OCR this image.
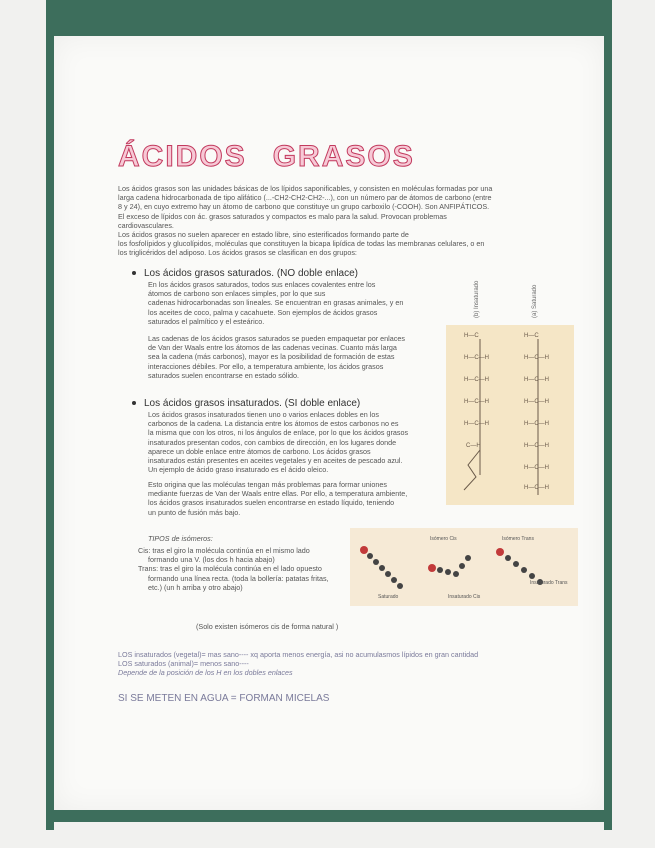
ÁCIDOS GRASOS
Los ácidos grasos son las unidades básicas de los lípidos saponificables, y consisten en moléculas formadas por una
larga cadena hidrocarbonada de tipo alifático (...-CH2-CH2-CH2-...), con un número par de átomos de carbono (entre
8 y 24), en cuyo extremo hay un átomo de carbono que constituye un grupo carboxilo (-COOH). Son ANFIPÁTICOS.
El exceso de lípidos con ác. grasos saturados y compactos es malo para la salud. Provocan problemas
cardiovasculares.
Los ácidos grasos no suelen aparecer en estado libre, sino esterificados formando parte de
los fosfolípidos y glucolípidos, moléculas que constituyen la bicapa lipídica de todas las membranas celulares, o en
los triglicéridos del adiposo. Los ácidos grasos se clasifican en dos grupos:
Los ácidos grasos saturados. (NO doble enlace)
En los ácidos grasos saturados, todos sus enlaces covalentes entre los
átomos de carbono son enlaces simples, por lo que sus
cadenas hidrocarbonadas son lineales. Se encuentran en grasas animales, y en
los aceites de coco, palma y cacahuete. Son ejemplos de ácidos grasos
saturados el palmítico y el esteárico.
Las cadenas de los ácidos grasos saturados se pueden empaquetar por enlaces
de Van der Waals entre los átomos de las cadenas vecinas. Cuanto más larga
sea la cadena (más carbonos), mayor es la posibilidad de formación de estas
interacciones débiles. Por ello, a temperatura ambiente, los ácidos grasos
saturados suelen encontrarse en estado sólido.
(b) Insaturado	(a) Saturado
H—C	H—C
H—C—H	H—C—H
H—C—H	H—C—H
H—C—H	H—C—H
H—C—H	H—C—H
C—H	H—C—H
H—C—H
H—C—H
Los ácidos grasos insaturados. (SI doble enlace)
Los ácidos grasos insaturados tienen uno o varios enlaces dobles en los
carbonos de la cadena. La distancia entre los átomos de estos carbonos no es
la misma que con los otros, ni los ángulos de enlace, por lo que los ácidos grasos
insaturados presentan codos, con cambios de dirección, en los lugares donde
aparece un doble enlace entre átomos de carbono. Los ácidos grasos
insaturados están presentes en aceites vegetales y en aceites de pescado azul.
Un ejemplo de ácido graso insaturado es el ácido oleico.
Esto origina que las moléculas tengan más problemas para formar uniones
mediante fuerzas de Van der Waals entre ellas. Por ello, a temperatura ambiente,
los ácidos grasos insaturados suelen encontrarse en estado líquido, teniendo
un punto de fusión más bajo.
TIPOS de isómeros:
Cis: tras el giro la molécula continúa en el mismo lado
formando una V. (los dos h hacia abajo)
Trans: tras el giro la molécula continúa en el lado opuesto
formando una línea recta. (toda la bollería: patatas fritas,
etc.) (un h arriba y otro abajo)
Isómero Cis	Isómero Trans
Saturado	Insaturado Cis
Insaturado Trans
(Solo existen isómeros cis de forma natural )
LOS insaturados (vegetal)= mas sano---- xq aporta menos energía, asi no acumulasmos lípidos en gran cantidad
LOS saturados (animal)= menos sano----
Depende de la posición de los H en los dobles enlaces
SI SE METEN EN AGUA = FORMAN MICELAS
